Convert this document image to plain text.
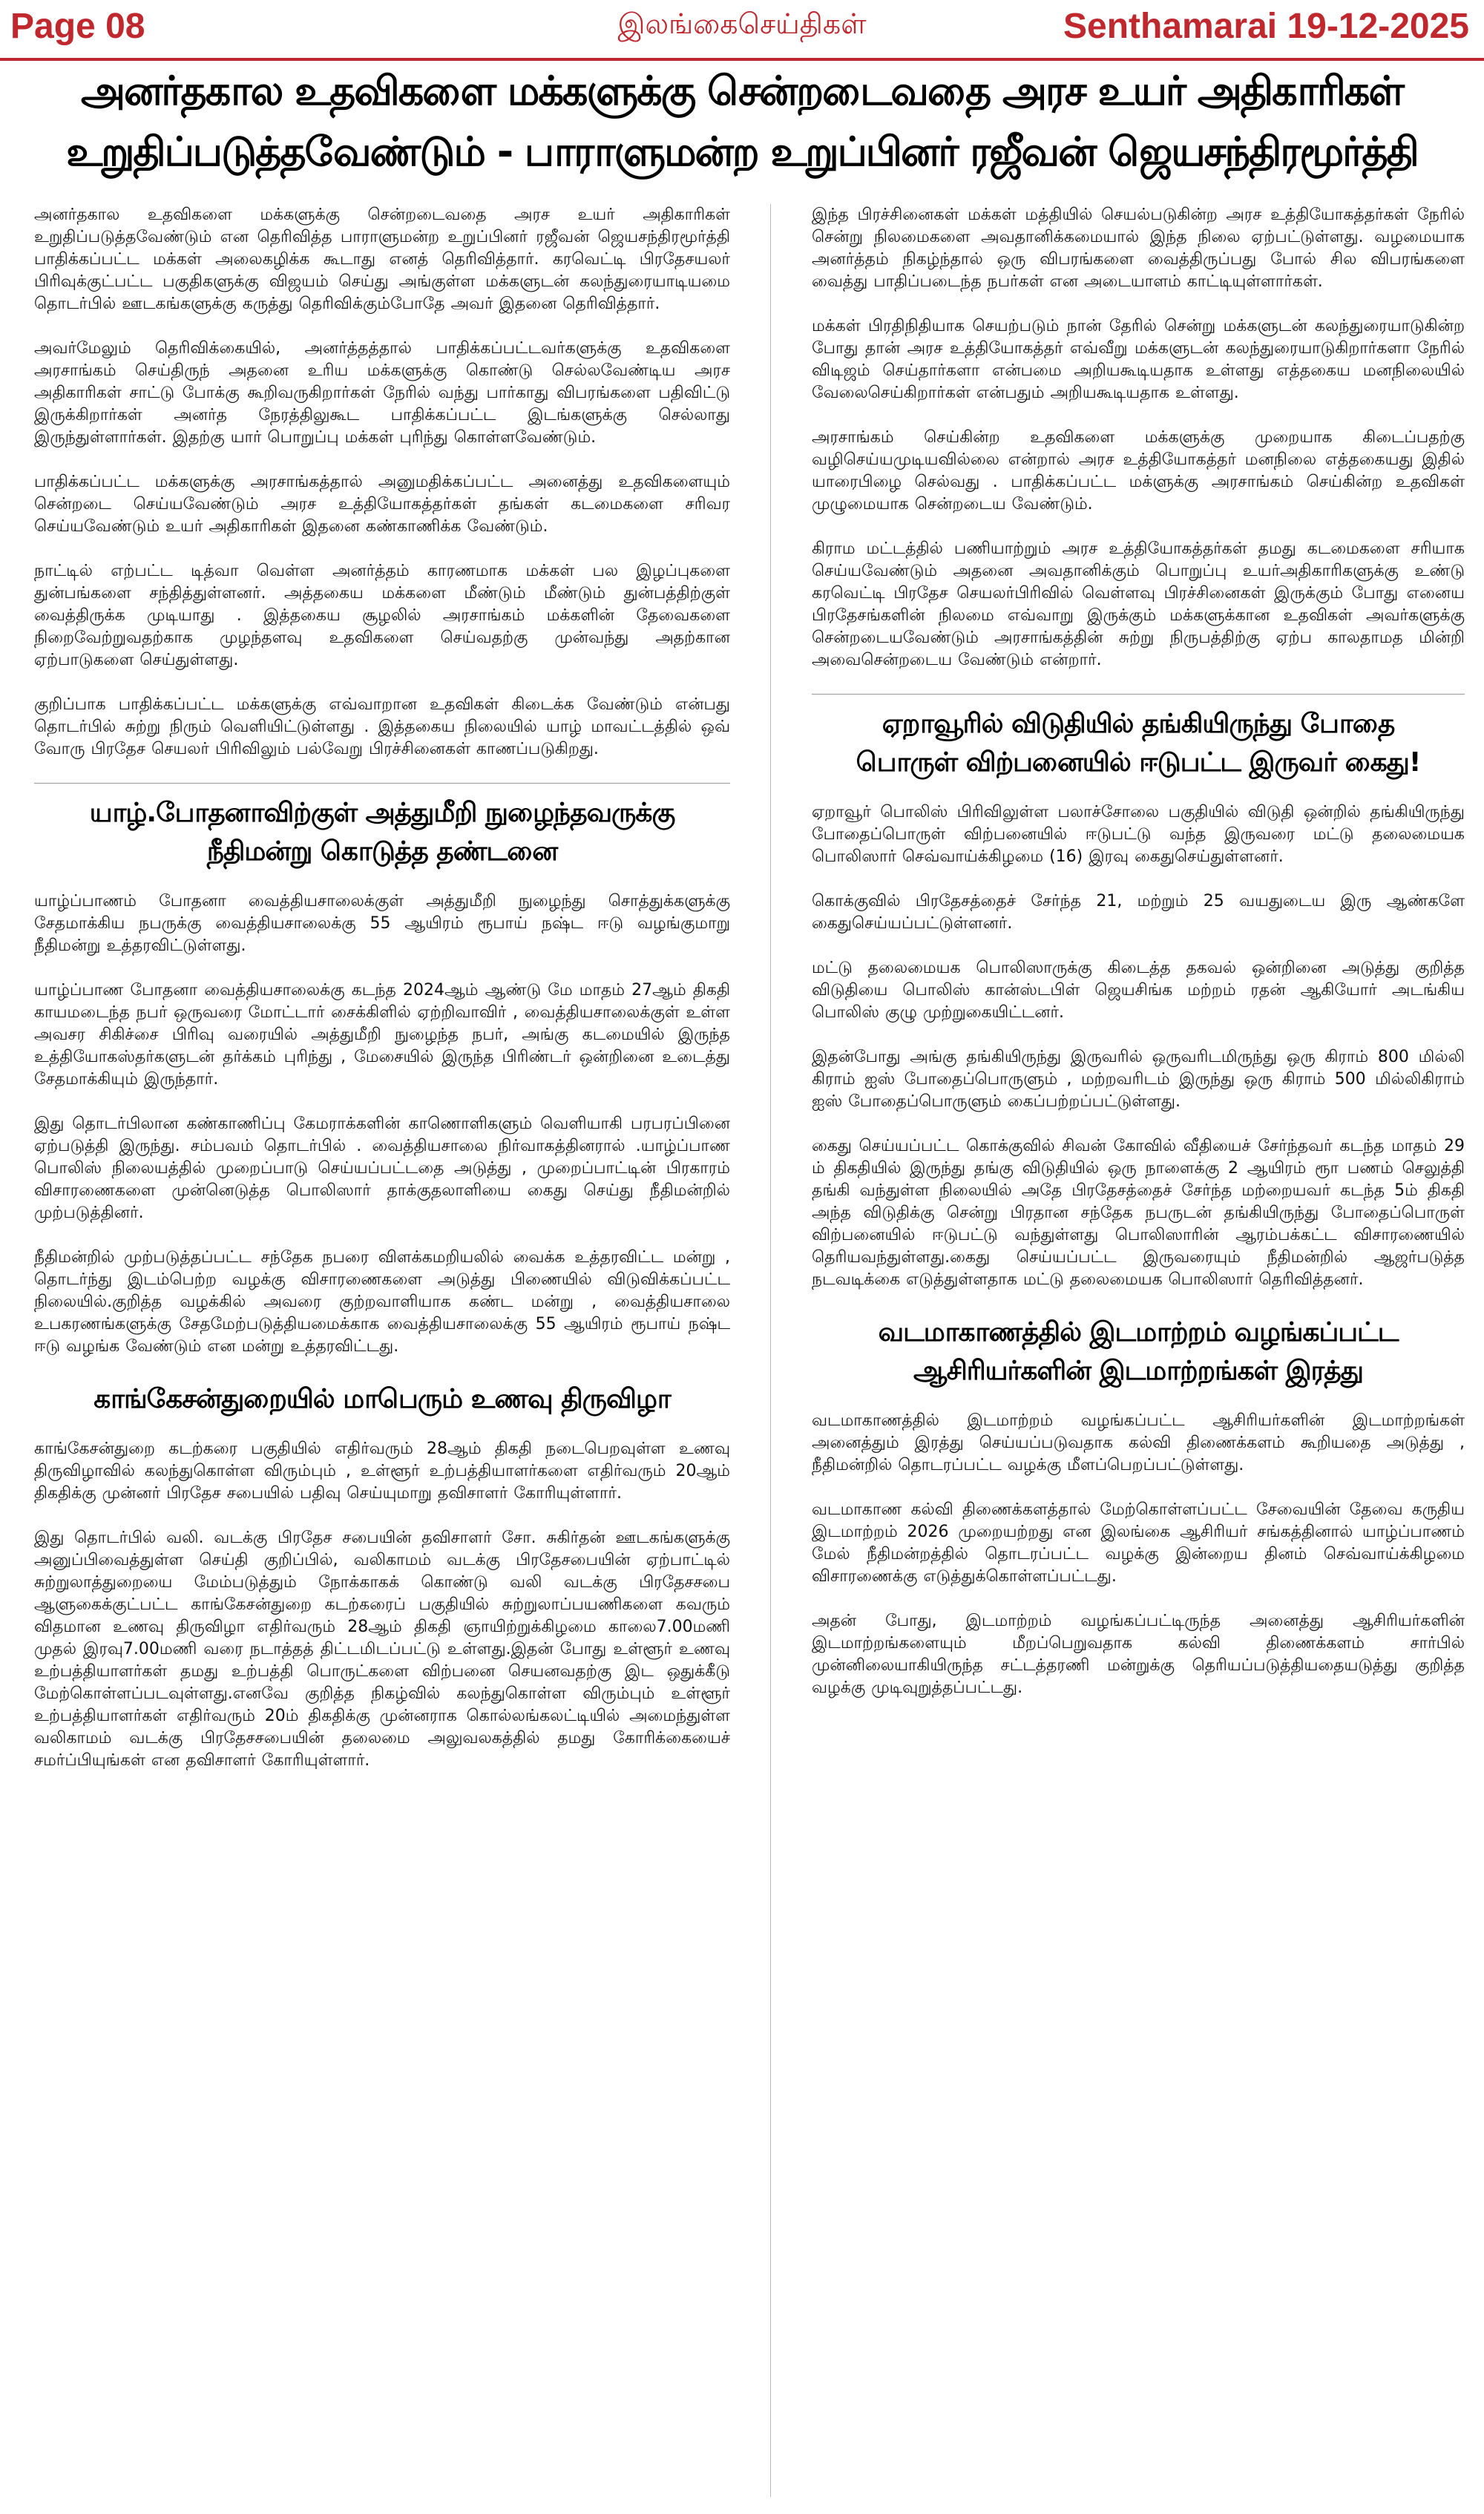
Page 08	இலங்கைசெய்திகள்	Senthamarai 19-12-2025
அனர்தகால உதவிகளை மக்களுக்கு சென்றடைவதை அரச உயர் அதிகாரிகள்
உறுதிப்படுத்தவேண்டும் - பாராளுமன்ற உறுப்பினர் ரஜீவன் ஜெயசந்திரமூர்த்தி

அனர்தகால உதவிகளை மக்களுக்கு சென்றடைவதை அரச உயர் அதிகாரிகள் உறுதிப்படுத்தவேண்டும் என தெரிவித்த பாராளுமன்ற உறுப்பினர் ரஜீவன் ஜெயசந்திரமூர்த்தி பாதிக்கப்பட்ட மக்கள் அலைகழிக்க கூடாது எனத் தெரிவித்தார். கரவெட்டி பிரதேசயலர் பிரிவுக்குட்பட்ட பகுதிகளுக்கு விஜயம் செய்து அங்குள்ள மக்களுடன் கலந்துரையாடியமை தொடர்பில் ஊடகங்களுக்கு கருத்து தெரிவிக்கும்போதே அவர் இதனை தெரிவித்தார்.

அவர்மேலும் தெரிவிக்கையில், அனர்த்தத்தால் பாதிக்கப்பட்டவர்களுக்கு உதவிகளை அரசாங்கம் செய்திருந் அதனை உரிய மக்களுக்கு கொண்டு செல்லவேண்டிய அரச அதிகாரிகள் சாட்டு போக்கு கூறிவருகிறார்கள் நேரில் வந்து பார்காது விபரங்களை பதிவிட்டு இருக்கிறார்கள் அனர்த நேரத்திலுகூட பாதிக்கப்பட்ட இடங்களுக்கு செல்லாது இருந்துள்ளார்கள். இதற்கு யார் பொறுப்பு மக்கள் புரிந்து கொள்ளவேண்டும்.

பாதிக்கப்பட்ட மக்களுக்கு அரசாங்கத்தால் அனுமதிக்கப்பட்ட அனைத்து உதவிகளையும் சென்றடை செய்யவேண்டும் அரச உத்தியோகத்தர்கள் தங்கள் கடமைகளை சரிவர செய்யவேண்டும் உயர் அதிகாரிகள் இதனை கண்காணிக்க வேண்டும்.

நாட்டில் எற்பட்ட டித்வா வெள்ள அனர்த்தம் காரணமாக மக்கள் பல இழப்புகளை துன்பங்களை சந்தித்துள்ளனர். அத்தகைய மக்களை மீண்டும் மீண்டும் துன்பத்திற்குள் வைத்திருக்க முடியாது . இத்தகைய சூழலில் அரசாங்கம் மக்களின் தேவைகளை நிறைவேற்றுவதற்காக முழந்தளவு உதவிகளை செய்வதற்கு முன்வந்து அதற்கான ஏற்பாடுகளை செய்துள்ளது.

குறிப்பாக பாதிக்கப்பட்ட மக்களுக்கு எவ்வாறான உதவிகள் கிடைக்க வேண்டும் என்பது தொடர்பில் சுற்று நிரும் வெளியிட்டுள்ளது . இத்தகைய நிலையில் யாழ் மாவட்டத்தில் ஒவ் வோரு பிரதேச செயலர் பிரிவிலும் பல்வேறு பிரச்சினைகள் காணப்படுகிறது.

யாழ்.போதனாவிற்குள் அத்துமீறி நுழைந்தவருக்கு
நீதிமன்று கொடுத்த தண்டனை

யாழ்ப்பாணம் போதனா வைத்தியசாலைக்குள் அத்துமீறி நுழைந்து சொத்துக்களுக்கு சேதமாக்கிய நபருக்கு வைத்தியசாலைக்கு 55 ஆயிரம் ரூபாய் நஷ்ட ஈடு வழங்குமாறு நீதிமன்று உத்தரவிட்டுள்ளது.

யாழ்ப்பாண போதனா வைத்தியசாலைக்கு கடந்த 2024ஆம் ஆண்டு மே மாதம் 27ஆம் திகதி காயமடைந்த நபர் ஒருவரை மோட்டார் சைக்கிளில் ஏற்றிவாவிர் , வைத்தியசாலைக்குள் உள்ள அவசர சிகிச்சை பிரிவு வரையில் அத்துமீறி நுழைந்த நபர், அங்கு கடமையில் இருந்த உத்தியோகஸ்தர்களுடன் தர்க்கம் புரிந்து , மேசையில் இருந்த பிரிண்டர் ஒன்றினை உடைத்து சேதமாக்கியும் இருந்தார்.

இது தொடர்பிலான கண்காணிப்பு கேமராக்களின் காணொளிகளும் வெளியாகி பரபரப்பினை ஏற்படுத்தி இருந்து. சம்பவம் தொடர்பில் . வைத்தியசாலை நிர்வாகத்தினரால் .யாழ்ப்பாண பொலிஸ் நிலையத்தில் முறைப்பாடு செய்யப்பட்டதை அடுத்து , முறைப்பாட்டின் பிரகாரம் விசாரணைகளை முன்னெடுத்த பொலிஸார் தாக்குதலாளியை கைது செய்து நீதிமன்றில் முற்படுத்தினர்.

நீதிமன்றில் முற்படுத்தப்பட்ட சந்தேக நபரை விளக்கமறியலில் வைக்க உத்தரவிட்ட மன்று , தொடர்ந்து இடம்பெற்ற வழக்கு விசாரணைகளை அடுத்து பிணையில் விடுவிக்கப்பட்ட நிலையில்.குறித்த வழக்கில் அவரை குற்றவாளியாக கண்ட மன்று , வைத்தியசாலை உபகரணங்களுக்கு சேதமேற்படுத்தியமைக்காக வைத்தியசாலைக்கு 55 ஆயிரம் ரூபாய் நஷ்ட ஈடு வழங்க வேண்டும் என மன்று உத்தரவிட்டது.

காங்கேசன்துறையில் மாபெரும் உணவு திருவிழா

காங்கேசன்துறை கடற்கரை பகுதியில் எதிர்வரும் 28ஆம் திகதி நடைபெறவுள்ள உணவு திருவிழாவில் கலந்துகொள்ள விரும்பும் , உள்ளூர் உற்பத்தியாளர்களை எதிர்வரும் 20ஆம் திகதிக்கு முன்னர் பிரதேச சபையில் பதிவு செய்யுமாறு தவிசாளர் கோரியுள்ளார்.

இது தொடர்பில் வலி. வடக்கு பிரதேச சபையின் தவிசாளர் சோ. சுகிர்தன் ஊடகங்களுக்கு அனுப்பிவைத்துள்ள செய்தி குறிப்பில், வலிகாமம் வடக்கு பிரதேசபையின் ஏற்பாட்டில் சுற்றுலாத்துறையை மேம்படுத்தும் நோக்காகக் கொண்டு வலி வடக்கு பிரதேசசபை ஆளுகைக்குட்பட்ட காங்கேசன்துறை கடற்கரைப் பகுதியில் சுற்றுலாப்பயணிகளை கவரும் விதமான உணவு திருவிழா எதிர்வரும் 28ஆம் திகதி ஞாயிற்றுக்கிழமை காலை7.00மணி முதல் இரவு7.00மணி வரை நடாத்தத் திட்டமிடப்பட்டு உள்ளது.இதன் போது உள்ளூர் உணவு உற்பத்தியாளர்கள் தமது உற்பத்தி பொருட்களை விற்பனை செயனவதற்கு இட ஒதுக்கீடு மேற்கொள்ளப்படவுள்ளது.எனவே குறித்த நிகழ்வில் கலந்துகொள்ள விரும்பும் உள்ளூர் உற்பத்தியாளர்கள் எதிர்வரும் 20ம் திகதிக்கு முன்னராக கொல்லங்கலட்டியில் அமைந்துள்ள வலிகாமம் வடக்கு பிரதேசசபையின் தலைமை அலுவலகத்தில் தமது கோரிக்கையைச் சமர்ப்பியுங்கள் என தவிசாளர் கோரியுள்ளார்.

இந்த பிரச்சினைகள் மக்கள் மத்தியில் செயல்படுகின்ற அரச உத்தியோகத்தர்கள் நேரில் சென்று நிலமைகளை அவதானிக்கமையால் இந்த நிலை ஏற்பட்டுள்ளது. வழமையாக அனர்த்தம் நிகழ்ந்தால் ஒரு விபரங்களை வைத்திருப்பது போல் சில விபரங்களை வைத்து பாதிப்படைந்த நபர்கள் என அடையாளம் காட்டியுள்ளார்கள்.

மக்கள் பிரதிநிதியாக செயற்படும் நான் தேரில் சென்று மக்களுடன் கலந்துரையாடுகின்ற போது தான் அரச உத்தியோகத்தர் எவ்வீறு மக்களுடன் கலந்துரையாடுகிறார்களா நேரில் விடிஜம் செய்தார்களா என்பமை அறியகூடியதாக உள்ளது எத்தகைய மனநிலையில் வேலைசெய்கிறார்கள் என்பதும் அறியகூடியதாக உள்ளது.

அரசாங்கம் செய்கின்ற உதவிகளை மக்களுக்கு முறையாக கிடைப்பதற்கு வழிசெய்யமுடியவில்லை என்றால் அரச உத்தியோகத்தர் மனநிலை எத்தகையது இதில் யாரைபிழை செல்வது . பாதிக்கப்பட்ட மக்ளுக்கு அரசாங்கம் செய்கின்ற உதவிகள் முழுமையாக சென்றடைய வேண்டும்.

கிராம மட்டத்தில் பணியாற்றும் அரச உத்தியோகத்தர்கள் தமது கடமைகளை சரியாக செய்யவேண்டும் அதனை அவதானிக்கும் பொறுப்பு உயர்அதிகாரிகளுக்கு உண்டு கரவெட்டி பிரதேச செயலர்பிரிவில் வெள்ளவு பிரச்சினைகள் இருக்கும் போது எனைய பிரதேசங்களின் நிலமை எவ்வாறு இருக்கும் மக்களுக்கான உதவிகள் அவர்களுக்கு சென்றடையவேண்டும் அரசாங்கத்தின் சுற்று நிருபத்திற்கு ஏற்ப காலதாமத மின்றி அவைசென்றடைய வேண்டும் என்றார்.

ஏறாவூரில் விடுதியில் தங்கியிருந்து போதை
பொருள் விற்பனையில் ஈடுபட்ட இருவர் கைது!

ஏறாவூர் பொலிஸ் பிரிவிலுள்ள பலாச்சோலை பகுதியில் விடுதி ஒன்றில் தங்கியிருந்து போதைப்பொருள் விற்பனையில் ஈடுபட்டு வந்த இருவரை மட்டு தலைமையக பொலிஸார் செவ்வாய்க்கிழமை (16) இரவு கைதுசெய்துள்ளனர்.

கொக்குவில் பிரதேசத்தைச் சேர்ந்த 21, மற்றும் 25 வயதுடைய இரு ஆண்களே கைதுசெய்யப்பட்டுள்ளனர்.

மட்டு தலைமையக பொலிஸாருக்கு கிடைத்த தகவல் ஒன்றினை அடுத்து குறித்த விடுதியை பொலிஸ் கான்ஸ்டபிள் ஜெயசிங்க மற்றம் ரதன் ஆகியோர் அடங்கிய பொலிஸ் குழு முற்றுகையிட்டனர்.

இதன்போது அங்கு தங்கியிருந்து இருவரில் ஒருவரிடமிருந்து ஒரு கிராம் 800 மில்லி கிராம் ஐஸ் போதைப்பொருளும் , மற்றவரிடம் இருந்து ஒரு கிராம் 500 மில்லிகிராம் ஐஸ் போதைப்பொருளும் கைப்பற்றப்பட்டுள்ளது.

கைது செய்யப்பட்ட கொக்குவில் சிவன் கோவில் வீதியைச் சேர்ந்தவர் கடந்த மாதம் 29 ம் திகதியில் இருந்து தங்கு விடுதியில் ஒரு நாளைக்கு 2 ஆயிரம் ரூா பணம் செலுத்தி தங்கி வந்துள்ள நிலையில் அதே பிரதேசத்தைச் சேர்ந்த மற்றையவர் கடந்த 5ம் திகதி அந்த விடுதிக்கு சென்று பிரதான சந்தேக நபருடன் தங்கியிருந்து போதைப்பொருள் விற்பனையில் ஈடுபட்டு வந்துள்ளது பொலிஸாரின் ஆரம்பக்கட்ட விசாரணையில் தெரியவந்துள்ளது.கைது செய்யப்பட்ட இருவரையும் நீதிமன்றில் ஆஜர்படுத்த நடவடிக்கை எடுத்துள்ளதாக மட்டு தலைமையக பொலிஸார் தெரிவித்தனர்.

வடமாகாணத்தில் இடமாற்றம் வழங்கப்பட்ட
ஆசிரியர்களின் இடமாற்றங்கள் இரத்து

வடமாகாணத்தில் இடமாற்றம் வழங்கப்பட்ட ஆசிரியர்களின் இடமாற்றங்கள் அனைத்தும் இரத்து செய்யப்படுவதாக கல்வி திணைக்களம் கூறியதை அடுத்து , நீதிமன்றில் தொடரப்பட்ட வழக்கு மீளப்பெறப்பட்டுள்ளது.

வடமாகாண கல்வி திணைக்களத்தால் மேற்கொள்ளப்பட்ட சேவையின் தேவை கருதிய இடமாற்றம் 2026 முறையற்றது என இலங்கை ஆசிரியர் சங்கத்தினால் யாழ்ப்பாணம் மேல் நீதிமன்றத்தில் தொடரப்பட்ட வழக்கு இன்றைய தினம் செவ்வாய்க்கிழமை விசாரணைக்கு எடுத்துக்கொள்ளப்பட்டது.

அதன் போது, இடமாற்றம் வழங்கப்பட்டிருந்த அனைத்து ஆசிரியர்களின் இடமாற்றங்களையும் மீறப்பெறுவதாக கல்வி திணைக்களம் சார்பில் முன்னிலையாகியிருந்த சட்டத்தரணி மன்றுக்கு தெரியப்படுத்தியதையடுத்து குறித்த வழக்கு முடிவுறுத்தப்பட்டது.
